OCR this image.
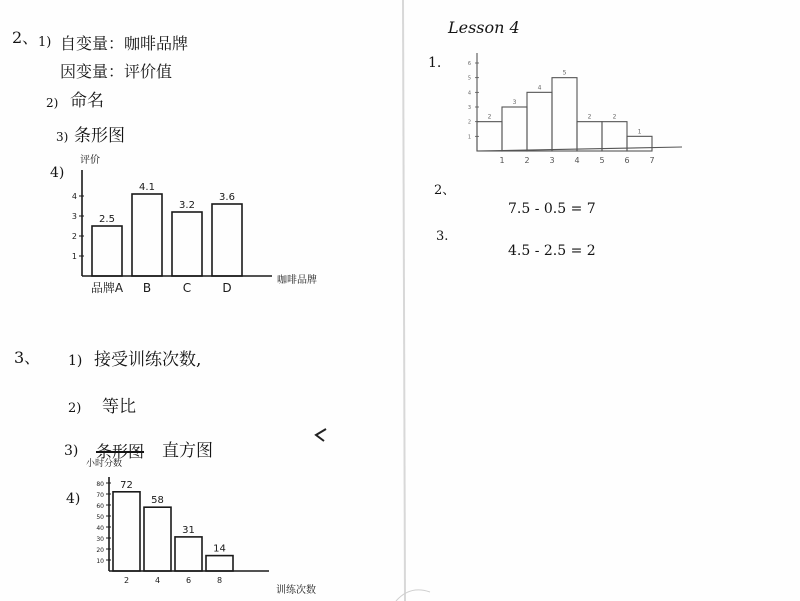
2、 1) 自变量：咖啡品牌
因变量：评价值
2) 命名
3) 条形图
4)
评价
咖啡品牌
1
2
3
4
2.5
品牌A
4.1
B
3.2
C
3.6
D
3、 1) 接受训练次数,
2) 等比
3) 条形图 直方图
4)
小时分数
训练次数
10
20
30
40
50
60
70
80 72
2
58
4
31
6
14
8
Lesson 4
1.
1
2
3
4
5
6
2
1
3
2
4
3
5
4
2
5
2
6
1
7
2、
7.5 - 0.5 = 7
3.
4.5 - 2.5 = 2
